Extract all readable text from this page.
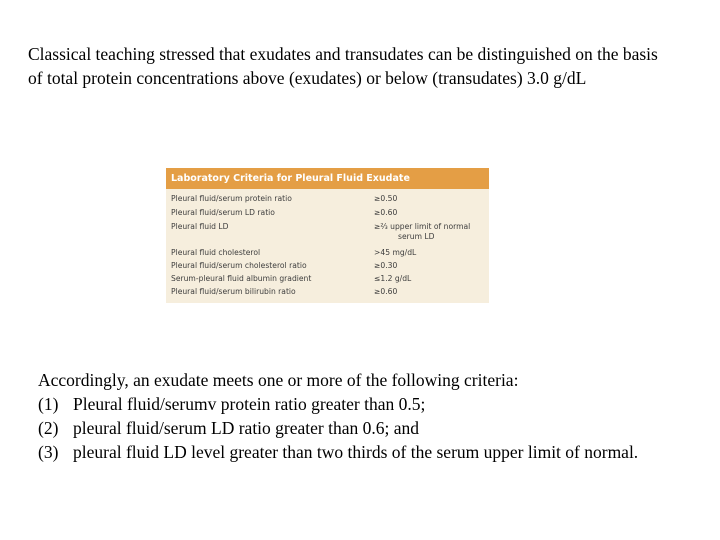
Classical teaching stressed that exudates and transudates can be distinguished on the basis of total protein concentrations above (exudates) or below (transudates) 3.0 g/dL

Laboratory Criteria for Pleural Fluid Exudate
Pleural fluid/serum protein ratio	≥0.50
Pleural fluid/serum LD ratio	≥0.60
Pleural fluid LD	≥⅔ upper limit of normal
serum LD
Pleural fluid cholesterol	>45 mg/dL
Pleural fluid/serum cholesterol ratio	≥0.30
Serum-pleural fluid albumin gradient	≤1.2 g/dL
Pleural fluid/serum bilirubin ratio	≥0.60

Accordingly, an exudate meets one or more of the following criteria:

(1) Pleural fluid/serumv protein ratio greater than 0.5;
(2) pleural fluid/serum LD ratio greater than 0.6; and
(3) pleural fluid LD level greater than two thirds of the serum upper limit of normal.
